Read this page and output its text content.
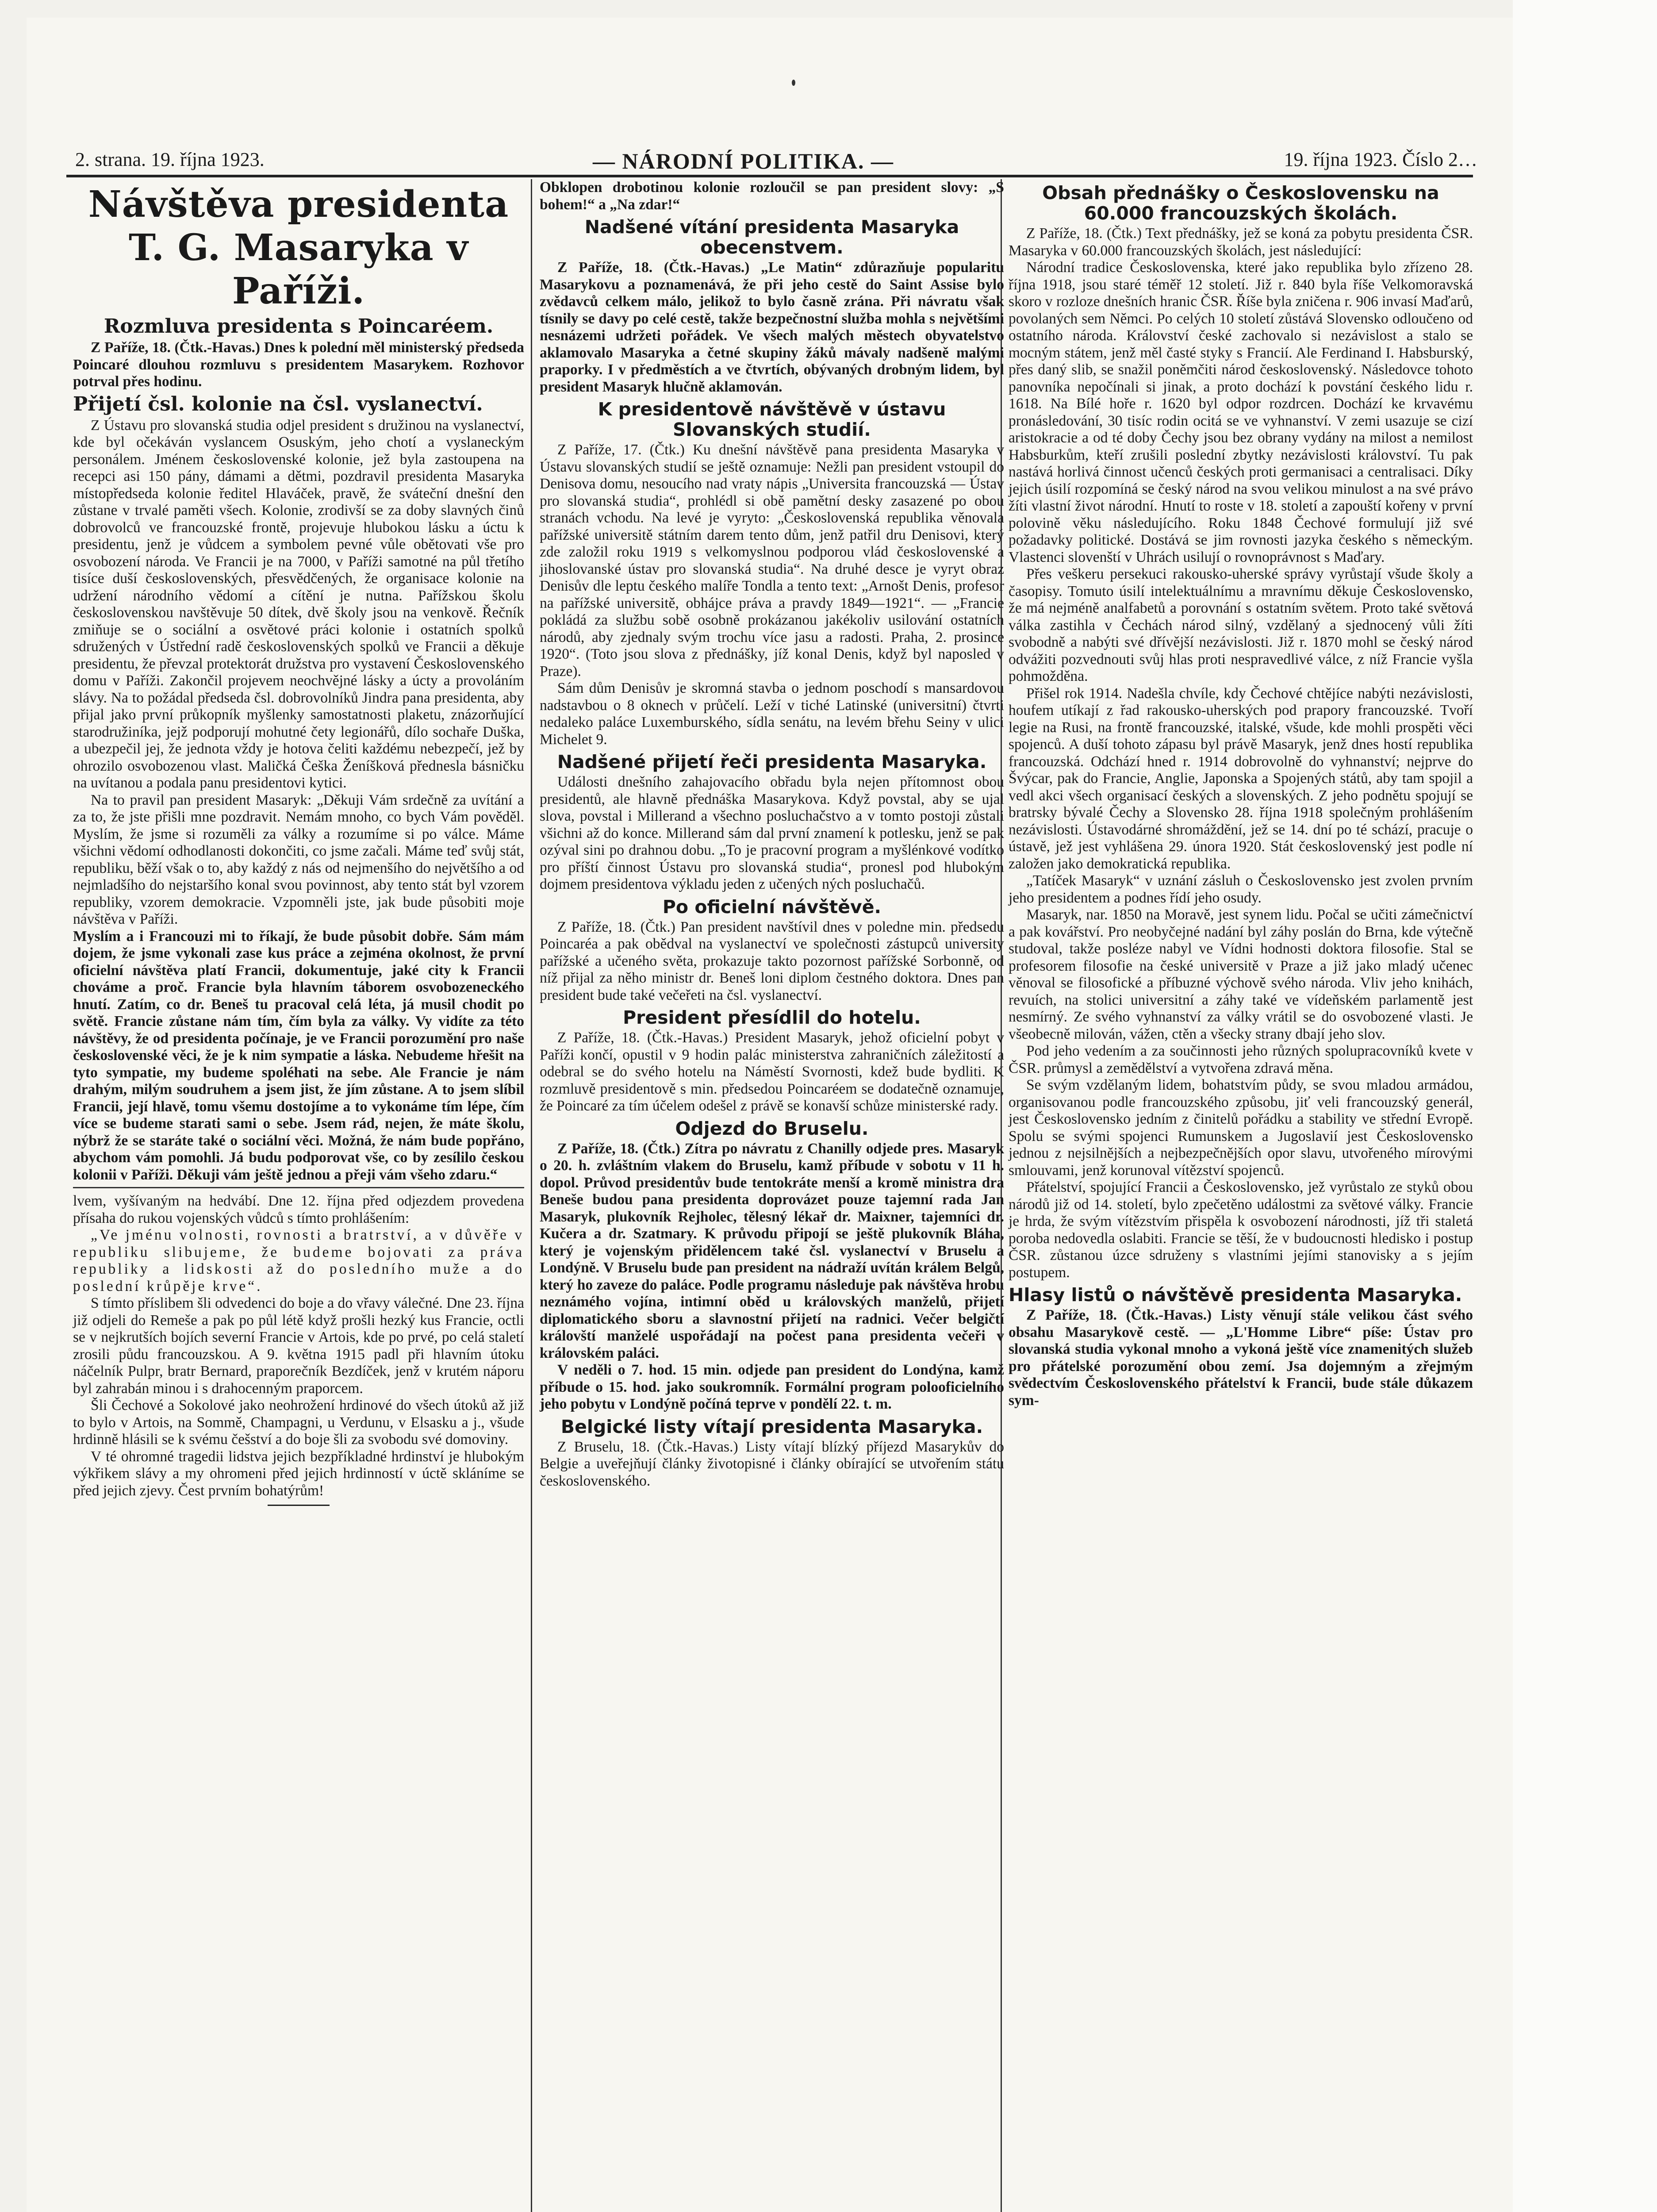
2. strana. 19. října 1923.	— NÁRODNÍ POLITIKA. —	19. října 1923. Číslo 2…
Návštěva presidenta
T. G. Masaryka v Paříži.
Rozmluva presidenta s Poincaréem.

Z Paříže, 18. (Čtk.-Havas.) Dnes k polední měl ministerský předseda Poincaré dlouhou rozmluvu s presidentem Masarykem. Rozhovor potrval přes hodinu.

Přijetí čsl. kolonie na čsl. vyslanectví.

Z Ústavu pro slovanská studia odjel president s družinou na vyslanectví, kde byl očekáván vyslancem Osuským, jeho chotí a vyslaneckým personálem. Jménem československé kolonie, jež byla zastoupena na recepci asi 150 pány, dámami a dětmi, pozdravil presidenta Masaryka místopředseda kolonie ředitel Hlaváček, pravě, že sváteční dnešní den zůstane v trvalé paměti všech. Kolonie, zrodivší se za doby slavných činů dobrovolců ve francouzské frontě, projevuje hlubokou lásku a úctu k presidentu, jenž je vůdcem a symbolem pevné vůle obětovati vše pro osvobození národa. Ve Francii je na 7000, v Paříži samotné na půl třetího tisíce duší československých, přesvědčených, že organisace kolonie na udržení národního vědomí a cítění je nutna. Pařížskou školu československou navštěvuje 50 dítek, dvě školy jsou na venkově. Řečník zmiňuje se o sociální a osvětové práci kolonie i ostatních spolků sdružených v Ústřední radě československých spolků ve Francii a děkuje presidentu, že převzal protektorát družstva pro vystavení Československého domu v Paříži. Zakončil projevem neochvějné lásky a úcty a provoláním slávy. Na to požádal předseda čsl. dobrovolníků Jindra pana presidenta, aby přijal jako první průkopník myšlenky samostatnosti plaketu, znázorňující starodružiníka, jejž podporují mohutné čety legionářů, dílo sochaře Duška, a ubezpečil jej, že jednota vždy je hotova čeliti každému nebezpečí, jež by ohrozilo osvobozenou vlast. Maličká Češka Ženíšková přednesla básničku na uvítanou a podala panu presidentovi kytici.

Na to pravil pan president Masaryk: „Děkuji Vám srdečně za uvítání a za to, že jste přišli mne pozdravit. Nemám mnoho, co bych Vám pověděl. Myslím, že jsme si rozuměli za války a rozumíme si po válce. Máme všichni vědomí odhodlanosti dokončiti, co jsme začali. Máme teď svůj stát, republiku, běží však o to, aby každý z nás od nejmenšího do největšího a od nejmladšího do nejstaršího konal svou povinnost, aby tento stát byl vzorem republiky, vzorem demokracie. Vzpomněli jste, jak bude působiti moje návštěva v Paříži.

Myslím a i Francouzi mi to říkají, že bude působit dobře. Sám mám dojem, že jsme vykonali zase kus práce a zejména okolnost, že první oficielní návštěva platí Francii, dokumentuje, jaké city k Francii chováme a proč. Francie byla hlavním táborem osvobozeneckého hnutí. Zatím, co dr. Beneš tu pracoval celá léta, já musil chodit po světě. Francie zůstane nám tím, čím byla za války. Vy vidíte za této návštěvy, že od presidenta počínaje, je ve Francii porozumění pro naše československé věci, že je k nim sympatie a láska. Nebudeme hřešit na tyto sympatie, my budeme spoléhati na sebe. Ale Francie je nám drahým, milým soudruhem a jsem jist, že jím zůstane. A to jsem slíbil Francii, její hlavě, tomu všemu dostojíme a to vykonáme tím lépe, čím více se budeme starati sami o sebe. Jsem rád, nejen, že máte školu, nýbrž že se staráte také o sociální věci. Možná, že nám bude popřáno, abychom vám pomohli. Já budu podporovat vše, co by zesílilo českou kolonii v Paříži. Děkuji vám ještě jednou a přeji vám všeho zdaru.“

lvem, vyšívaným na hedvábí. Dne 12. října před odjezdem provedena přísaha do rukou vojenských vůdců s tímto prohlášením:

„Ve jménu volnosti, rovnosti a bratrství, a v důvěře v republiku slibujeme, že budeme bojovati za práva republiky a lidskosti až do posledního muže a do poslední krůpěje krve“.

S tímto příslibem šli odvedenci do boje a do vřavy válečné. Dne 23. října již odjeli do Remeše a pak po půl létě když prošli hezký kus Francie, octli se v nejkrutších bojích severní Francie v Artois, kde po prvé, po celá staletí zrosili půdu francouzskou. A 9. května 1915 padl při hlavním útoku náčelník Pulpr, bratr Bernard, praporečník Bezdíček, jenž v krutém náporu byl zahrabán minou i s drahocenným praporcem.

Šli Čechové a Sokolové jako neohrožení hrdinové do všech útoků až již to bylo v Artois, na Sommě, Champagni, u Verdunu, v Elsasku a j., všude hrdinně hlásili se k svému češství a do boje šli za svobodu své domoviny.

V té ohromné tragedii lidstva jejich bezpříkladné hrdinství je hlubokým výkřikem slávy a my ohromeni před jejich hrdinností v úctě skláníme se před jejich zjevy. Čest prvním bohatýrům!

Obklopen drobotinou kolonie rozloučil se pan president slovy: „S bohem!“ a „Na zdar!“

Nadšené vítání presidenta Masaryka obecenstvem.

Z Paříže, 18. (Čtk.-Havas.) „Le Matin“ zdůrazňuje popularitu Masarykovu a poznamenává, že při jeho cestě do Saint Assise bylo zvědavců celkem málo, jelikož to bylo časně zrána. Při návratu však tísnily se davy po celé cestě, takže bezpečnostní služba mohla s největšími nesnázemi udržeti pořádek. Ve všech malých městech obyvatelstvo aklamovalo Masaryka a četné skupiny žáků mávaly nadšeně malými praporky. I v předměstích a ve čtvrtích, obývaných drobným lidem, byl president Masaryk hlučně aklamován.

K presidentově návštěvě v ústavu Slovanských studií.

Z Paříže, 17. (Čtk.) Ku dnešní návštěvě pana presidenta Masaryka v Ústavu slovanských studií se ještě oznamuje: Nežli pan president vstoupil do Denisova domu, nesoucího nad vraty nápis „Universita francouzská — Ústav pro slovanská studia“, prohlédl si obě pamětní desky zasazené po obou stranách vchodu. Na levé je vyryto: „Československá republika věnovala pařížské universitě státním darem tento dům, jenž patřil dru Denisovi, který zde založil roku 1919 s velkomyslnou podporou vlád československé a jihoslovanské ústav pro slovanská studia“. Na druhé desce je vyryt obraz Denisův dle leptu českého malíře Tondla a tento text: „Arnošt Denis, profesor na pařížské universitě, obhájce práva a pravdy 1849—1921“. — „Francie pokládá za službu sobě osobně prokázanou jakékoliv usilování ostatních národů, aby zjednaly svým trochu více jasu a radosti. Praha, 2. prosince 1920“. (Toto jsou slova z přednášky, jíž konal Denis, když byl naposled v Praze).

Sám dům Denisův je skromná stavba o jednom poschodí s mansardovou nadstavbou o 8 oknech v průčelí. Leží v tiché Latinské (universitní) čtvrti nedaleko paláce Luxemburského, sídla senátu, na levém břehu Seiny v ulici Michelet 9.

Nadšené přijetí řeči presidenta Masaryka.

Události dnešního zahajovacího obřadu byla nejen přítomnost obou presidentů, ale hlavně přednáška Masarykova. Když povstal, aby se ujal slova, povstal i Millerand a všechno posluchačstvo a v tomto postoji zůstali všichni až do konce. Millerand sám dal první znamení k potlesku, jenž se pak ozýval sini po drahnou dobu. „To je pracovní program a myšlénkové vodítko pro příští činnost Ústavu pro slovanská studia“, pronesl pod hlubokým dojmem presidentova výkladu jeden z učených ných posluchačů.

Po oficielní návštěvě.

Z Paříže, 18. (Čtk.) Pan president navštívil dnes v poledne min. předsedu Poincaréa a pak obědval na vyslanectví ve společnosti zástupců university pařížské a učeného světa, prokazuje takto pozornost pařížské Sorbonně, od níž přijal za něho ministr dr. Beneš loni diplom čestného doktora. Dnes pan president bude také večeřeti na čsl. vyslanectví.

President přesídlil do hotelu.

Z Paříže, 18. (Čtk.-Havas.) President Masaryk, jehož oficielní pobyt v Paříži končí, opustil v 9 hodin palác ministerstva zahraničních záležitostí a odebral se do svého hotelu na Náměstí Svornosti, kdež bude bydliti. K rozmluvě presidentově s min. předsedou Poincaréem se dodatečně oznamuje, že Poincaré za tím účelem odešel z právě se konavší schůze ministerské rady.

Odjezd do Bruselu.

Z Paříže, 18. (Čtk.) Zítra po návratu z Chanilly odjede pres. Masaryk o 20. h. zvláštním vlakem do Bruselu, kamž příbude v sobotu v 11 h. dopol. Průvod presidentův bude tentokráte menší a kromě ministra dra Beneše budou pana presidenta doprovázet pouze tajemní rada Jan Masaryk, plukovník Rejholec, tělesný lékař dr. Maixner, tajemníci dr. Kučera a dr. Szatmary. K průvodu připojí se ještě plukovník Bláha, který je vojenským přidělencem také čsl. vyslanectví v Bruselu a Londýně. V Bruselu bude pan president na nádraží uvítán králem Belgů, který ho zaveze do paláce. Podle programu následuje pak návštěva hrobu neznámého vojína, intimní oběd u královských manželů, přijetí diplomatického sboru a slavnostní přijetí na radnici. Večer belgičtí královští manželé uspořádají na počest pana presidenta večeři v královském paláci.

V neděli o 7. hod. 15 min. odjede pan president do Londýna, kamž příbude o 15. hod. jako soukromník. Formální program polooficielního jeho pobytu v Londýně počíná teprve v pondělí 22. t. m.

Belgické listy vítají presidenta Masaryka.

Z Bruselu, 18. (Čtk.-Havas.) Listy vítají blízký příjezd Masarykův do Belgie a uveřejňují články životopisné i články obírající se utvořením státu československého.

Obsah přednášky o Československu na 60.000 francouzských školách.

Z Paříže, 18. (Čtk.) Text přednášky, jež se koná za pobytu presidenta ČSR. Masaryka v 60.000 francouzských školách, jest následující:

Národní tradice Československa, které jako republika bylo zřízeno 28. října 1918, jsou staré téměř 12 století. Již r. 840 byla říše Velkomoravská skoro v rozloze dnešních hranic ČSR. Říše byla zničena r. 906 invasí Maďarů, povolaných sem Němci. Po celých 10 století zůstává Slovensko odloučeno od ostatního národa. Království české zachovalo si nezávislost a stalo se mocným státem, jenž měl časté styky s Francií. Ale Ferdinand I. Habsburský, přes daný slib, se snažil poněmčiti národ československý. Následovce tohoto panovníka nepočínali si jinak, a proto dochází k povstání českého lidu r. 1618. Na Bílé hoře r. 1620 byl odpor rozdrcen. Dochází ke krvavému pronásledování, 30 tisíc rodin ocitá se ve vyhnanství. V zemi usazuje se cizí aristokracie a od té doby Čechy jsou bez obrany vydány na milost a nemilost Habsburkům, kteří zrušili poslední zbytky nezávislosti království. Tu pak nastává horlivá činnost učenců českých proti germanisaci a centralisaci. Díky jejich úsilí rozpomíná se český národ na svou velikou minulost a na své právo žíti vlastní život národní. Hnutí to roste v 18. století a zapouští kořeny v první polovině věku následujícího. Roku 1848 Čechové formulují již své požadavky politické. Dostává se jim rovnosti jazyka českého s německým. Vlastenci slovenští v Uhrách usilují o rovnoprávnost s Maďary.

Přes veškeru persekuci rakousko-uherské správy vyrůstají všude školy a časopisy. Tomuto úsilí intelektuálnímu a mravnímu děkuje Československo, že má nejméně analfabetů a porovnání s ostatním světem. Proto také světová válka zastihla v Čechách národ silný, vzdělaný a sjednocený vůli žíti svobodně a nabýti své dřívější nezávislosti. Již r. 1870 mohl se český národ odvážiti pozvednouti svůj hlas proti nespravedlivé válce, z níž Francie vyšla pohmožděna.

Přišel rok 1914. Nadešla chvíle, kdy Čechové chtějíce nabýti nezávislosti, houfem utíkají z řad rakousko-uherských pod prapory francouzské. Tvoří legie na Rusi, na frontě francouzské, italské, všude, kde mohli prospěti věci spojenců. A duší tohoto zápasu byl právě Masaryk, jenž dnes hostí republika francouzská. Odchází hned r. 1914 dobrovolně do vyhnanství; nejprve do Švýcar, pak do Francie, Anglie, Japonska a Spojených států, aby tam spojil a vedl akci všech organisací českých a slovenských. Z jeho podnětu spojují se bratrsky bývalé Čechy a Slovensko 28. října 1918 společným prohlášením nezávislosti. Ústavodárné shromáždění, jež se 14. dní po té schází, pracuje o ústavě, jež jest vyhlášena 29. února 1920. Stát československý jest podle ní založen jako demokratická republika.

„Tatíček Masaryk“ v uznání zásluh o Československo jest zvolen prvním jeho presidentem a podnes řídí jeho osudy.

Masaryk, nar. 1850 na Moravě, jest synem lidu. Počal se učiti zámečnictví a pak kovářství. Pro neobyčejné nadání byl záhy poslán do Brna, kde výtečně studoval, takže posléze nabyl ve Vídni hodnosti doktora filosofie. Stal se profesorem filosofie na české universitě v Praze a již jako mladý učenec věnoval se filosofické a příbuzné výchově svého národa. Vliv jeho knihách, revuích, na stolici universitní a záhy také ve vídeňském parlamentě jest nesmírný. Ze svého vyhnanství za války vrátil se do osvobozené vlasti. Je všeobecně milován, vážen, ctěn a všecky strany dbají jeho slov.

Pod jeho vedením a za součinnosti jeho různých spolupracovníků kvete v ČSR. průmysl a zemědělství a vytvořena zdravá měna.

Se svým vzdělaným lidem, bohatstvím půdy, se svou mladou armádou, organisovanou podle francouzského způsobu, jiť veli francouzský generál, jest Československo jedním z činitelů pořádku a stability ve střední Evropě. Spolu se svými spojenci Rumunskem a Jugoslavií jest Československo jednou z nejsilnějších a nejbezpečnějších opor slavu, utvořeného mírovými smlouvami, jenž korunoval vítězství spojenců.

Přátelství, spojující Francii a Československo, jež vyrůstalo ze styků obou národů již od 14. století, bylo zpečetěno událostmi za světové války. Francie je hrda, že svým vítězstvím přispěla k osvobození národnosti, jíž tři staletá poroba nedovedla oslabiti. Francie se těší, že v budoucnosti hledisko i postup ČSR. zůstanou úzce sdruženy s vlastními jejími stanovisky a s jejím postupem.

Hlasy listů o návštěvě presidenta Masaryka.

Z Paříže, 18. (Čtk.-Havas.) Listy věnují stále velikou část svého obsahu Masarykově cestě. — „L'Homme Libre“ píše: Ústav pro slovanská studia vykonal mnoho a vykoná ještě více znamenitých služeb pro přátelské porozumění obou zemí. Jsa dojemným a zřejmým svědectvím Československého přátelství k Francii, bude stále důkazem sym-
